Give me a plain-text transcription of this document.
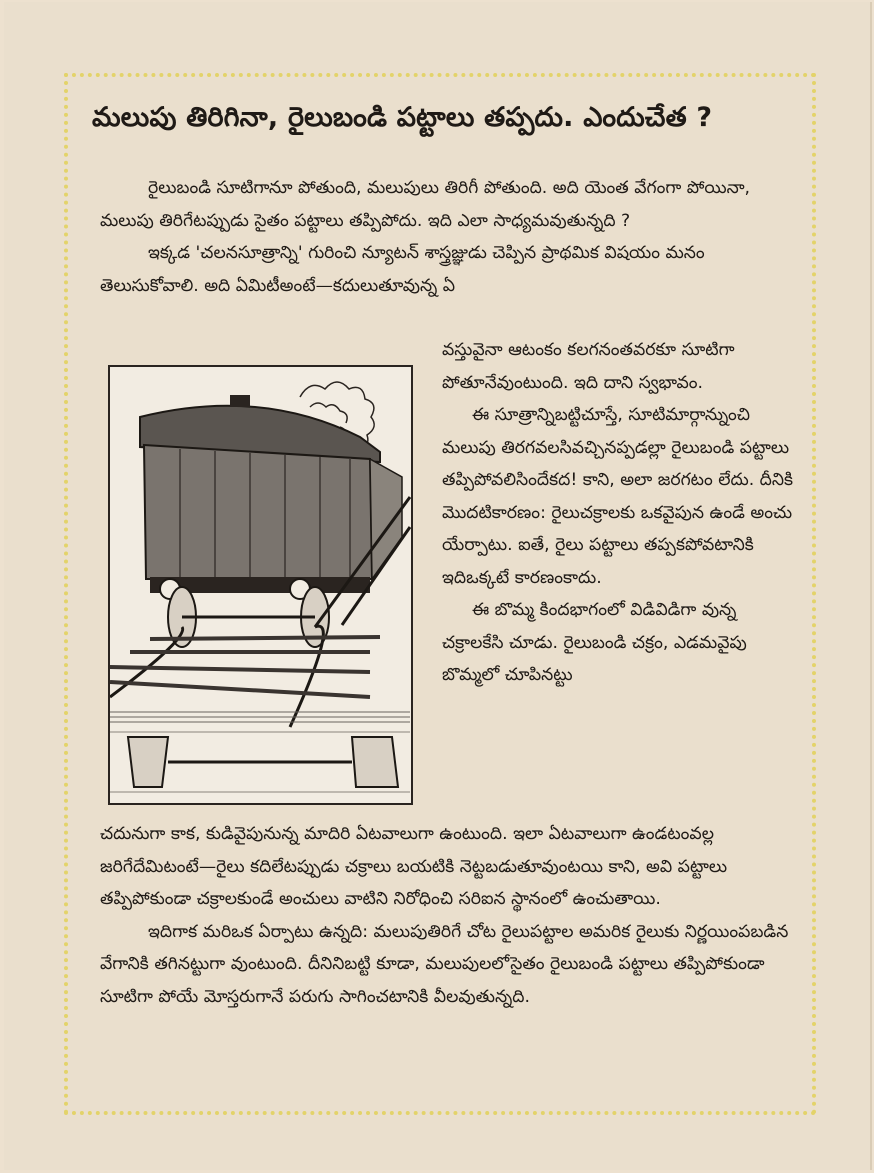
మలుపు తిరిగినా, రైలుబండి పట్టాలు తప్పదు. ఎందుచేత ?

రైలుబండి సూటిగానూ పోతుంది, మలుపులు తిరిగీ పోతుంది. అది యెంత వేగంగా పోయినా, మలుపు తిరిగేటప్పుడు సైతం పట్టాలు తప్పిపోదు. ఇది ఎలా సాధ్యమవుతున్నది ?

ఇక్కడ 'చలనసూత్రాన్ని' గురించి న్యూటన్ శాస్త్రజ్ఞుడు చెప్పిన ప్రాథమిక విషయం మనం తెలుసుకోవాలి. అది ఏమిటీఅంటే—కదులుతూవున్న ఏ

వస్తువైనా ఆటంకం కలగనంతవరకూ సూటిగా పోతూనేవుంటుంది. ఇది దాని స్వభావం.

ఈ సూత్రాన్నిబట్టిచూస్తే, సూటిమార్గాన్నుంచి మలుపు తిరగవలసివచ్చినప్పడల్లా రైలుబండి పట్టాలు తప్పిపోవలిసిందేకద! కాని, అలా జరగటం లేదు. దీనికి మొదటికారణం: రైలుచక్రాలకు ఒకవైపున ఉండే అంచు యేర్పాటు. ఐతే, రైలు పట్టాలు తప్పకపోవటానికి ఇదిఒక్కటే కారణంకాదు.

ఈ బొమ్మ కిందభాగంలో విడివిడిగా వున్న చక్రాలకేసి చూడు. రైలుబండి చక్రం, ఎడమవైపు బొమ్మలో చూపినట్టు

చదునుగా కాక, కుడివైపునున్న మాదిరి ఏటవాలుగా ఉంటుంది. ఇలా ఏటవాలుగా ఉండటంవల్ల జరిగేదేమిటంటే—రైలు కదిలేటప్పుడు చక్రాలు బయటికి నెట్టబడుతూవుంటయి కాని, అవి పట్టాలు తప్పిపోకుండా చక్రాలకుండే అంచులు వాటిని నిరోధించి సరిఐన స్థానంలో ఉంచుతాయి.

ఇదిగాక మరిఒక ఏర్పాటు ఉన్నది: మలుపుతిరిగే చోట రైలుపట్టాల అమరిక రైలుకు నిర్ణయింపబడిన వేగానికి తగినట్టుగా వుంటుంది. దీనినిబట్టి కూడా, మలుపులలోసైతం రైలుబండి పట్టాలు తప్పిపోకుండా సూటిగా పోయే మోస్తరుగానే పరుగు సాగించటానికి వీలవుతున్నది.
